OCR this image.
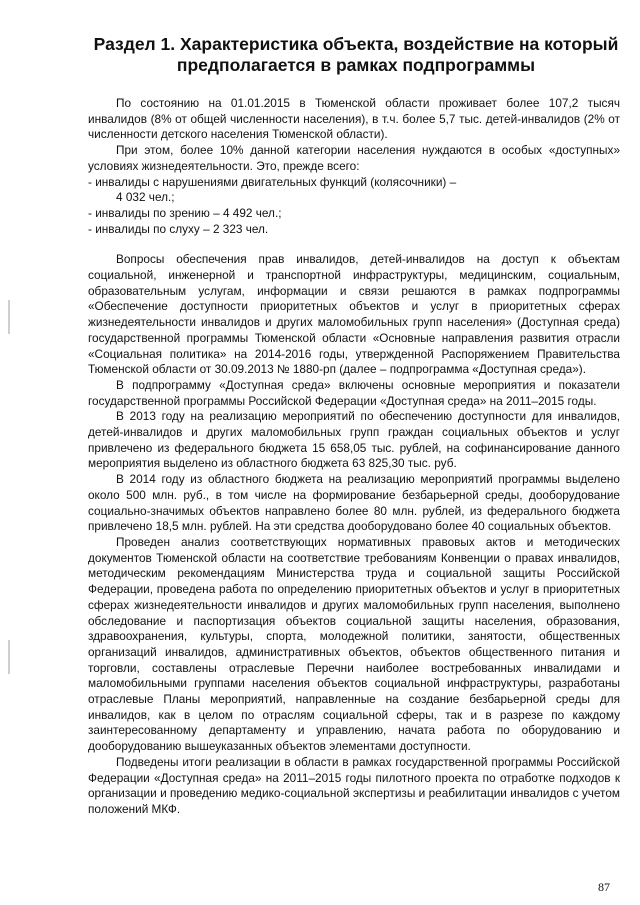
Раздел 1. Характеристика объекта, воздействие на который
предполагается в рамках подпрограммы

По состоянию на 01.01.2015 в Тюменской области проживает более 107,2 тысяч инвалидов (8% от общей численности населения), в т.ч. более 5,7 тыс. детей-инвалидов (2% от численности детского населения Тюменской области).

При этом, более 10% данной категории населения нуждаются в особых «доступных» условиях жизнедеятельности. Это, прежде всего:

- инвалиды с нарушениями двигательных функций (колясочники) –

4 032 чел.;

- инвалиды по зрению – 4 492 чел.;

- инвалиды по слуху – 2 323 чел.

Вопросы обеспечения прав инвалидов, детей-инвалидов на доступ к объектам социальной, инженерной и транспортной инфраструктуры, медицинским, социальным, образовательным услугам, информации и связи решаются в рамках подпрограммы «Обеспечение доступности приоритетных объектов и услуг в приоритетных сферах жизнедеятельности инвалидов и других маломобильных групп населения» (Доступная среда) государственной программы Тюменской области «Основные направления развития отрасли «Социальная политика» на 2014-2016 годы, утвержденной Распоряжением Правительства Тюменской области от 30.09.2013 № 1880-рп (далее – подпрограмма «Доступная среда»).

В подпрограмму «Доступная среда» включены основные мероприятия и показатели государственной программы Российской Федерации «Доступная среда» на 2011–2015 годы.

В 2013 году на реализацию мероприятий по обеспечению доступности для инвалидов, детей-инвалидов и других маломобильных групп граждан социальных объектов и услуг привлечено из федерального бюджета 15 658,05 тыс. рублей, на софинансирование данного мероприятия выделено из областного бюджета 63 825,30 тыс. руб.

В 2014 году из областного бюджета на реализацию мероприятий программы выделено около 500 млн. руб., в том числе на формирование безбарьерной среды, дооборудование социально-значимых объектов направлено более 80 млн. рублей, из федерального бюджета привлечено 18,5 млн. рублей. На эти средства дооборудовано более 40 социальных объектов.

Проведен анализ соответствующих нормативных правовых актов и методических документов Тюменской области на соответствие требованиям Конвенции о правах инвалидов, методическим рекомендациям Министерства труда и социальной защиты Российской Федерации, проведена работа по определению приоритетных объектов и услуг в приоритетных сферах жизнедеятельности инвалидов и других маломобильных групп населения, выполнено обследование и паспортизация объектов социальной защиты населения, образования, здравоохранения, культуры, спорта, молодежной политики, занятости, общественных организаций инвалидов, административных объектов, объектов общественного питания и торговли, составлены отраслевые Перечни наиболее востребованных инвалидами и маломобильными группами населения объектов социальной инфраструктуры, разработаны отраслевые Планы мероприятий, направленные на создание безбарьерной среды для инвалидов, как в целом по отраслям социальной сферы, так и в разрезе по каждому заинтересованному департаменту и управлению, начата работа по оборудованию и дооборудованию вышеуказанных объектов элементами доступности.

Подведены итоги реализации в области в рамках государственной программы Российской Федерации «Доступная среда» на 2011–2015 годы пилотного проекта по отработке подходов к организации и проведению медико-социальной экспертизы и реабилитации инвалидов с учетом положений МКФ.

87
